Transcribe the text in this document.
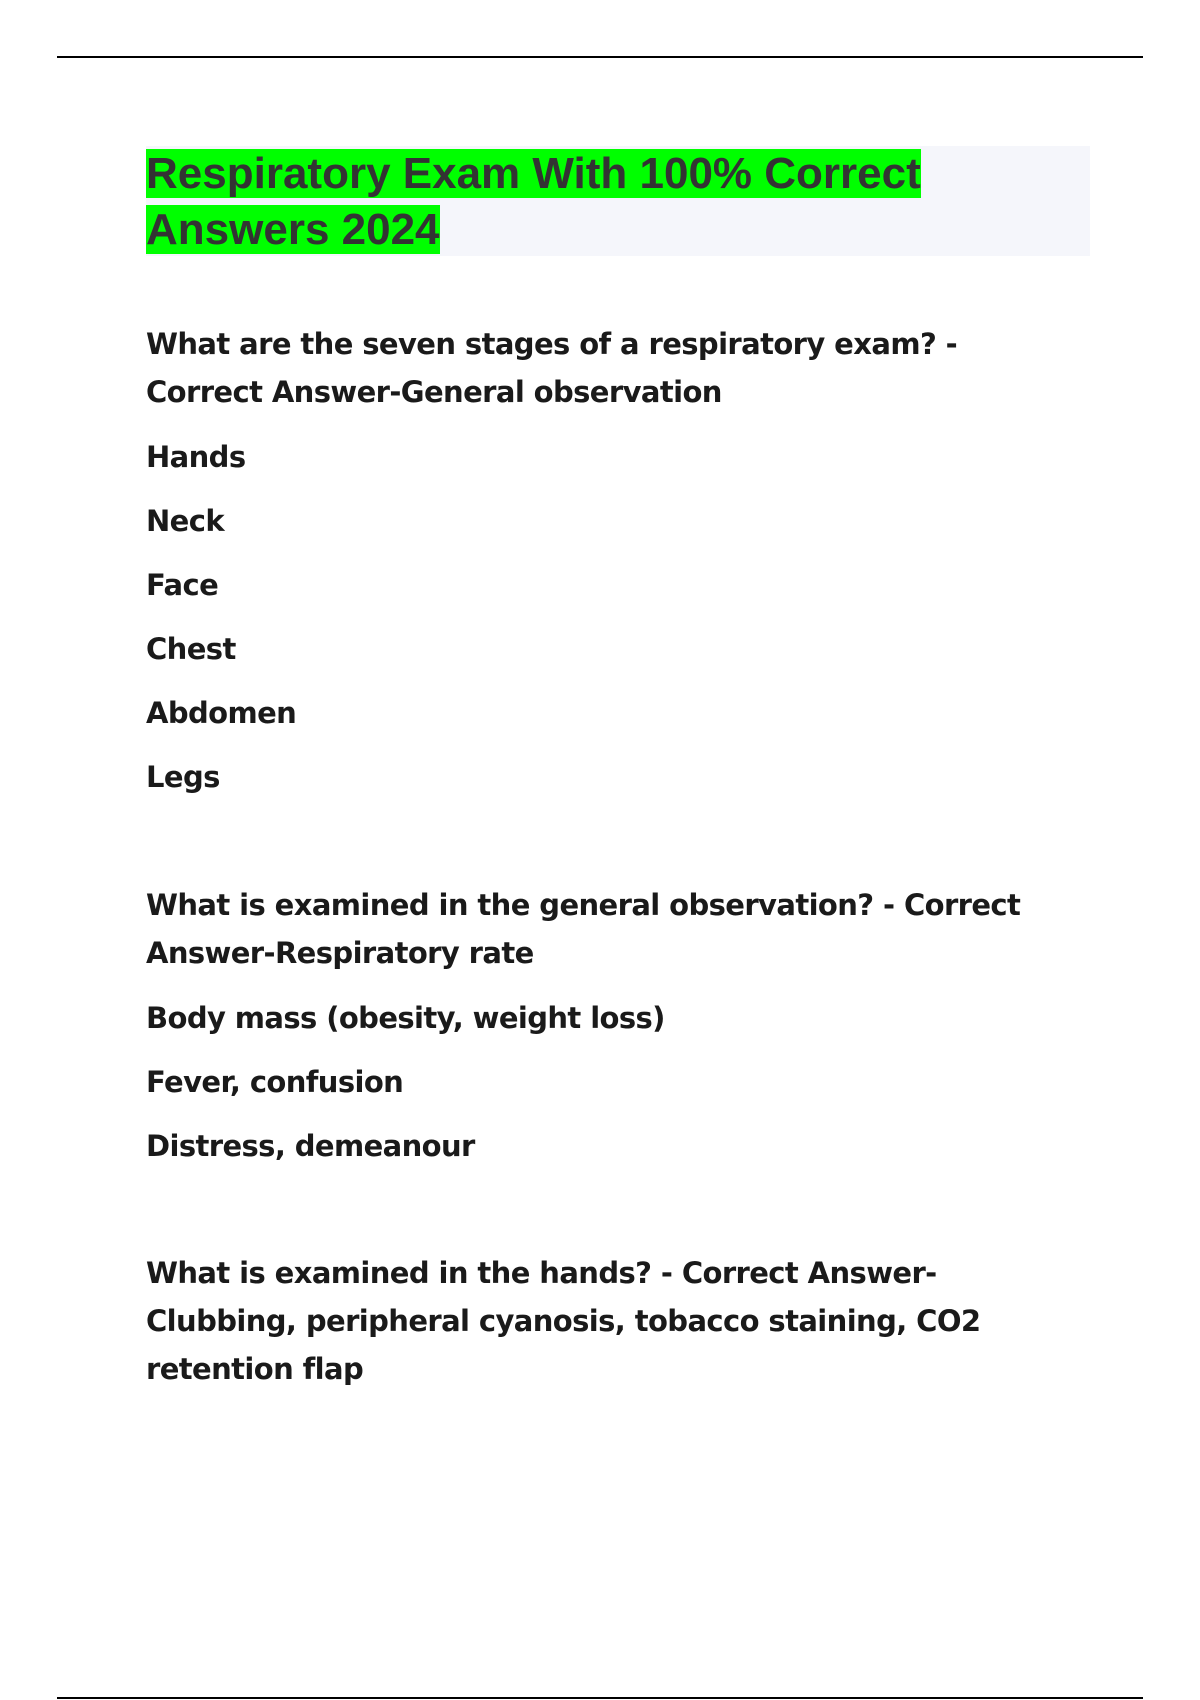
Respiratory Exam With 100% Correct Answers 2024

What are the seven stages of a respiratory exam? - Correct Answer-General observation

Hands

Neck

Face

Chest

Abdomen

Legs

What is examined in the general observation? - Correct Answer-Respiratory rate

Body mass (obesity, weight loss)

Fever, confusion

Distress, demeanour

What is examined in the hands? - Correct Answer-Clubbing, peripheral cyanosis, tobacco staining, CO2 retention flap
